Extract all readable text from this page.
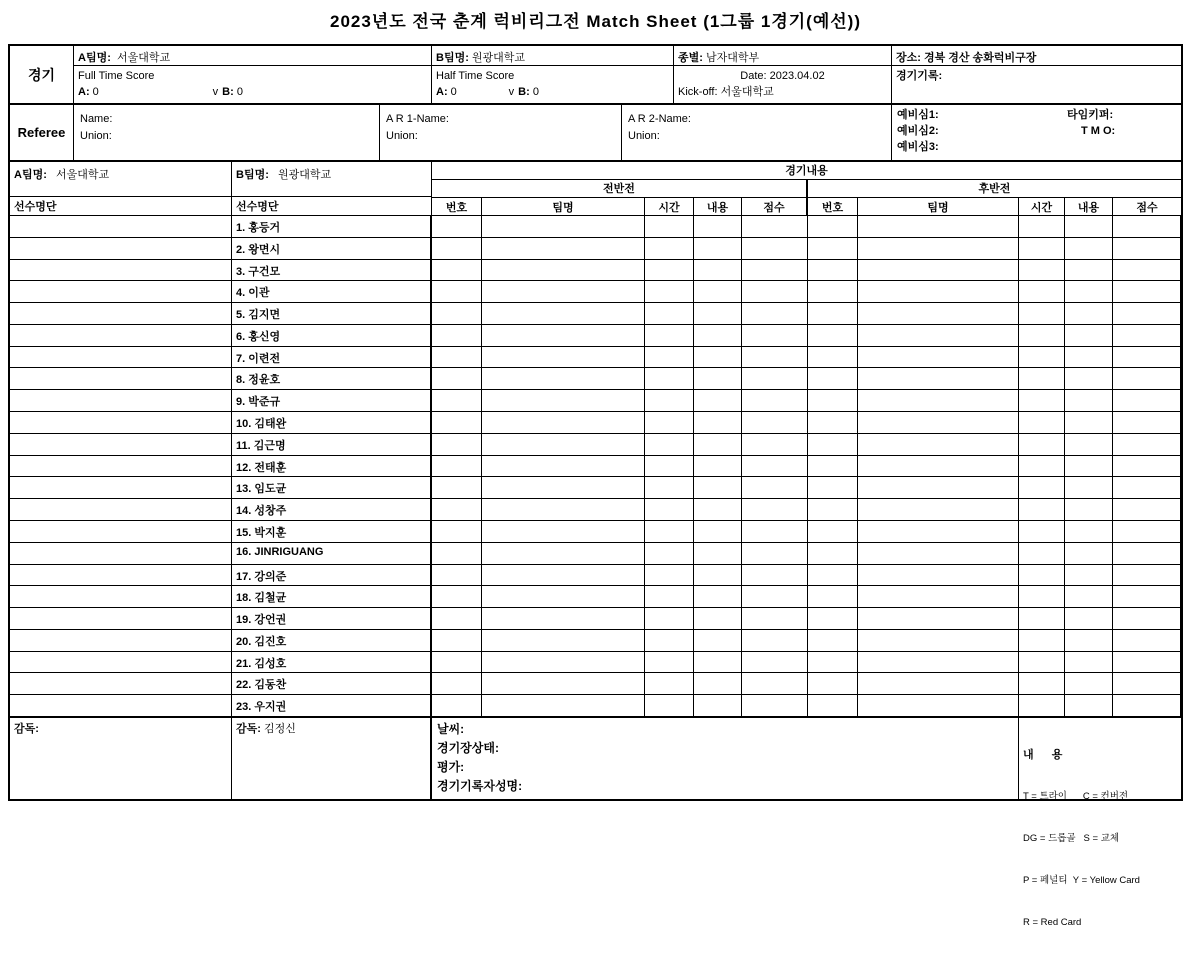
2023년도 전국 춘계 럭비리그전 Match Sheet (1그룹 1경기(예선))
경기
A팀명: 서울대학교
Full Time Score
A: 0	v B: 0
B팀명: 원광대학교
Half Time Score
A: 0	v B: 0
종별: 남자대학부
Date: 2023.04.02
Kick-off: 서울대학교
장소: 경북 경산 송화럭비구장
경기기록:
Referee
Name:
Union:
A R 1-Name:
Union:
A R 2-Name:
Union:
예비심1:
예비심2:
예비심3:
타임키퍼:
T M O:
A팀명: 서울대학교
선수명단
B팀명: 원광대학교
선수명단
경기내용
전반전	후반전
번호	팀명	시간	내용	점수	번호	팀명	시간	내용	점수
1. 홍등거
2. 왕면시
3. 구건모
4. 이관
5. 김지면
6. 홍신영
7. 이련전
8. 정윤호
9. 박준규
10. 김태완
11. 김근명
12. 전태훈
13. 임도균
14. 성창주
15. 박지훈
16. JINRIGUANG
17. 강의준
18. 김철균
19. 강언권
20. 김진호
21. 김성호
22. 김동찬
23. 우지권
감독:	감독: 김정신	날씨:
경기장상태:
평가:
경기기록자성명:

내  용

T = 트라이      C = 컨버전

DG = 드롭골   S = 교체

P = 페널티  Y = Yellow Card

R = Red Card
